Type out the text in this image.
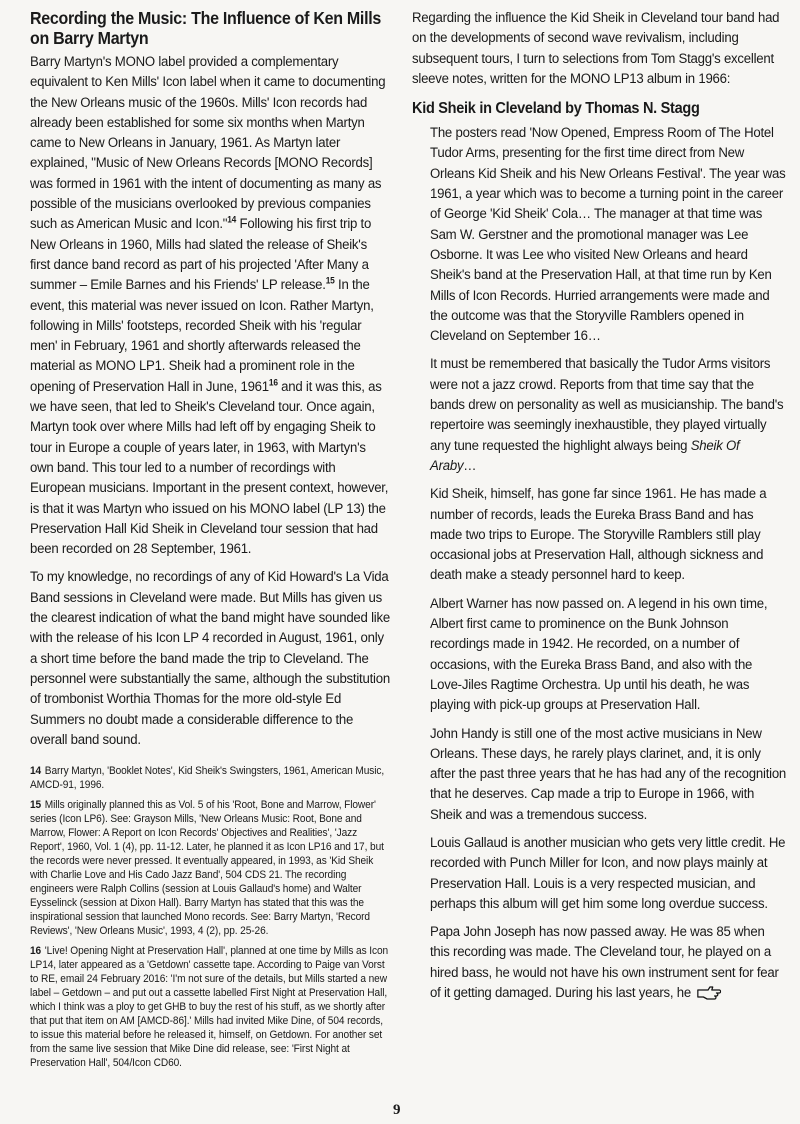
Recording the Music: The Influence of Ken Mills on Barry Martyn

Barry Martyn's MONO label provided a complementary equivalent to Ken Mills' Icon label when it came to documenting the New Orleans music of the 1960s. Mills' Icon records had already been established for some six months when Martyn came to New Orleans in January, 1961. As Martyn later explained, "Music of New Orleans Records [MONO Records] was formed in 1961 with the intent of documenting as many as possible of the musicians overlooked by previous companies such as American Music and Icon."$^{14}$ Following his first trip to New Orleans in 1960, Mills had slated the release of Sheik's first dance band record as part of his projected 'After Many a summer – Emile Barnes and his Friends' LP release.$^{15}$ In the event, this material was never issued on Icon. Rather Martyn, following in Mills' footsteps, recorded Sheik with his 'regular men' in February, 1961 and shortly afterwards released the material as MONO LP1. Sheik had a prominent role in the opening of Preservation Hall in June, 1961$^{16}$ and it was this, as we have seen, that led to Sheik's Cleveland tour. Once again, Martyn took over where Mills had left off by engaging Sheik to tour in Europe a couple of years later, in 1963, with Martyn's own band. This tour led to a number of recordings with European musicians. Important in the present context, however, is that it was Martyn who issued on his MONO label (LP 13) the Preservation Hall Kid Sheik in Cleveland tour session that had been recorded on 28 September, 1961.

To my knowledge, no recordings of any of Kid Howard's La Vida Band sessions in Cleveland were made. But Mills has given us the clearest indication of what the band might have sounded like with the release of his Icon LP 4 recorded in August, 1961, only a short time before the band made the trip to Cleveland. The personnel were substantially the same, although the substitution of trombonist Worthia Thomas for the more old-style Ed Summers no doubt made a considerable difference to the overall band sound.

14 Barry Martyn, 'Booklet Notes', Kid Sheik's Swingsters, 1961, American Music, AMCD-91, 1996.

15 Mills originally planned this as Vol. 5 of his 'Root, Bone and Marrow, Flower' series (Icon LP6). See: Grayson Mills, 'New Orleans Music: Root, Bone and Marrow, Flower: A Report on Icon Records' Objectives and Realities', 'Jazz Report', 1960, Vol. 1 (4), pp. 11-12. Later, he planned it as Icon LP16 and 17, but the records were never pressed. It eventually appeared, in 1993, as 'Kid Sheik with Charlie Love and His Cado Jazz Band', 504 CDS 21. The recording engineers were Ralph Collins (session at Louis Gallaud's home) and Walter Eysselinck (session at Dixon Hall). Barry Martyn has stated that this was the inspirational session that launched Mono records. See: Barry Martyn, 'Record Reviews', 'New Orleans Music', 1993, 4 (2), pp. 25-26.

16 'Live! Opening Night at Preservation Hall', planned at one time by Mills as Icon LP14, later appeared as a 'Getdown' cassette tape. According to Paige van Vorst to RE, email 24 February 2016: 'I'm not sure of the details, but Mills started a new label – Getdown – and put out a cassette labelled First Night at Preservation Hall, which I think was a ploy to get GHB to buy the rest of his stuff, as we shortly after that put that item on AM [AMCD-86].' Mills had invited Mike Dine, of 504 records, to issue this material before he released it, himself, on Getdown. For another set from the same live session that Mike Dine did release, see: 'First Night at Preservation Hall', 504/Icon CD60.

Regarding the influence the Kid Sheik in Cleveland tour band had on the developments of second wave revivalism, including subsequent tours, I turn to selections from Tom Stagg's excellent sleeve notes, written for the MONO LP13 album in 1966:

Kid Sheik in Cleveland by Thomas N. Stagg

The posters read 'Now Opened, Empress Room of The Hotel Tudor Arms, presenting for the first time direct from New Orleans Kid Sheik and his New Orleans Festival'. The year was 1961, a year which was to become a turning point in the career of George 'Kid Sheik' Cola… The manager at that time was Sam W. Gerstner and the promotional manager was Lee Osborne. It was Lee who visited New Orleans and heard Sheik's band at the Preservation Hall, at that time run by Ken Mills of Icon Records. Hurried arrangements were made and the outcome was that the Storyville Ramblers opened in Cleveland on September 16…

It must be remembered that basically the Tudor Arms visitors were not a jazz crowd. Reports from that time say that the bands drew on personality as well as musicianship. The band's repertoire was seemingly inexhaustible, they played virtually any tune requested the highlight always being Sheik Of Araby…

Kid Sheik, himself, has gone far since 1961. He has made a number of records, leads the Eureka Brass Band and has made two trips to Europe. The Storyville Ramblers still play occasional jobs at Preservation Hall, although sickness and death make a steady personnel hard to keep.

Albert Warner has now passed on. A legend in his own time, Albert first came to prominence on the Bunk Johnson recordings made in 1942. He recorded, on a number of occasions, with the Eureka Brass Band, and also with the Love-Jiles Ragtime Orchestra. Up until his death, he was playing with pick-up groups at Preservation Hall.

John Handy is still one of the most active musicians in New Orleans. These days, he rarely plays clarinet, and, it is only after the past three years that he has had any of the recognition that he deserves. Cap made a trip to Europe in 1966, with Sheik and was a tremendous success.

Louis Gallaud is another musician who gets very little credit. He recorded with Punch Miller for Icon, and now plays mainly at Preservation Hall. Louis is a very respected musician, and perhaps this album will get him some long overdue success.

Papa John Joseph has now passed away. He was 85 when this recording was made. The Cleveland tour, he played on a hired bass, he would not have his own instrument sent for fear of it getting damaged. During his last years, he

9
